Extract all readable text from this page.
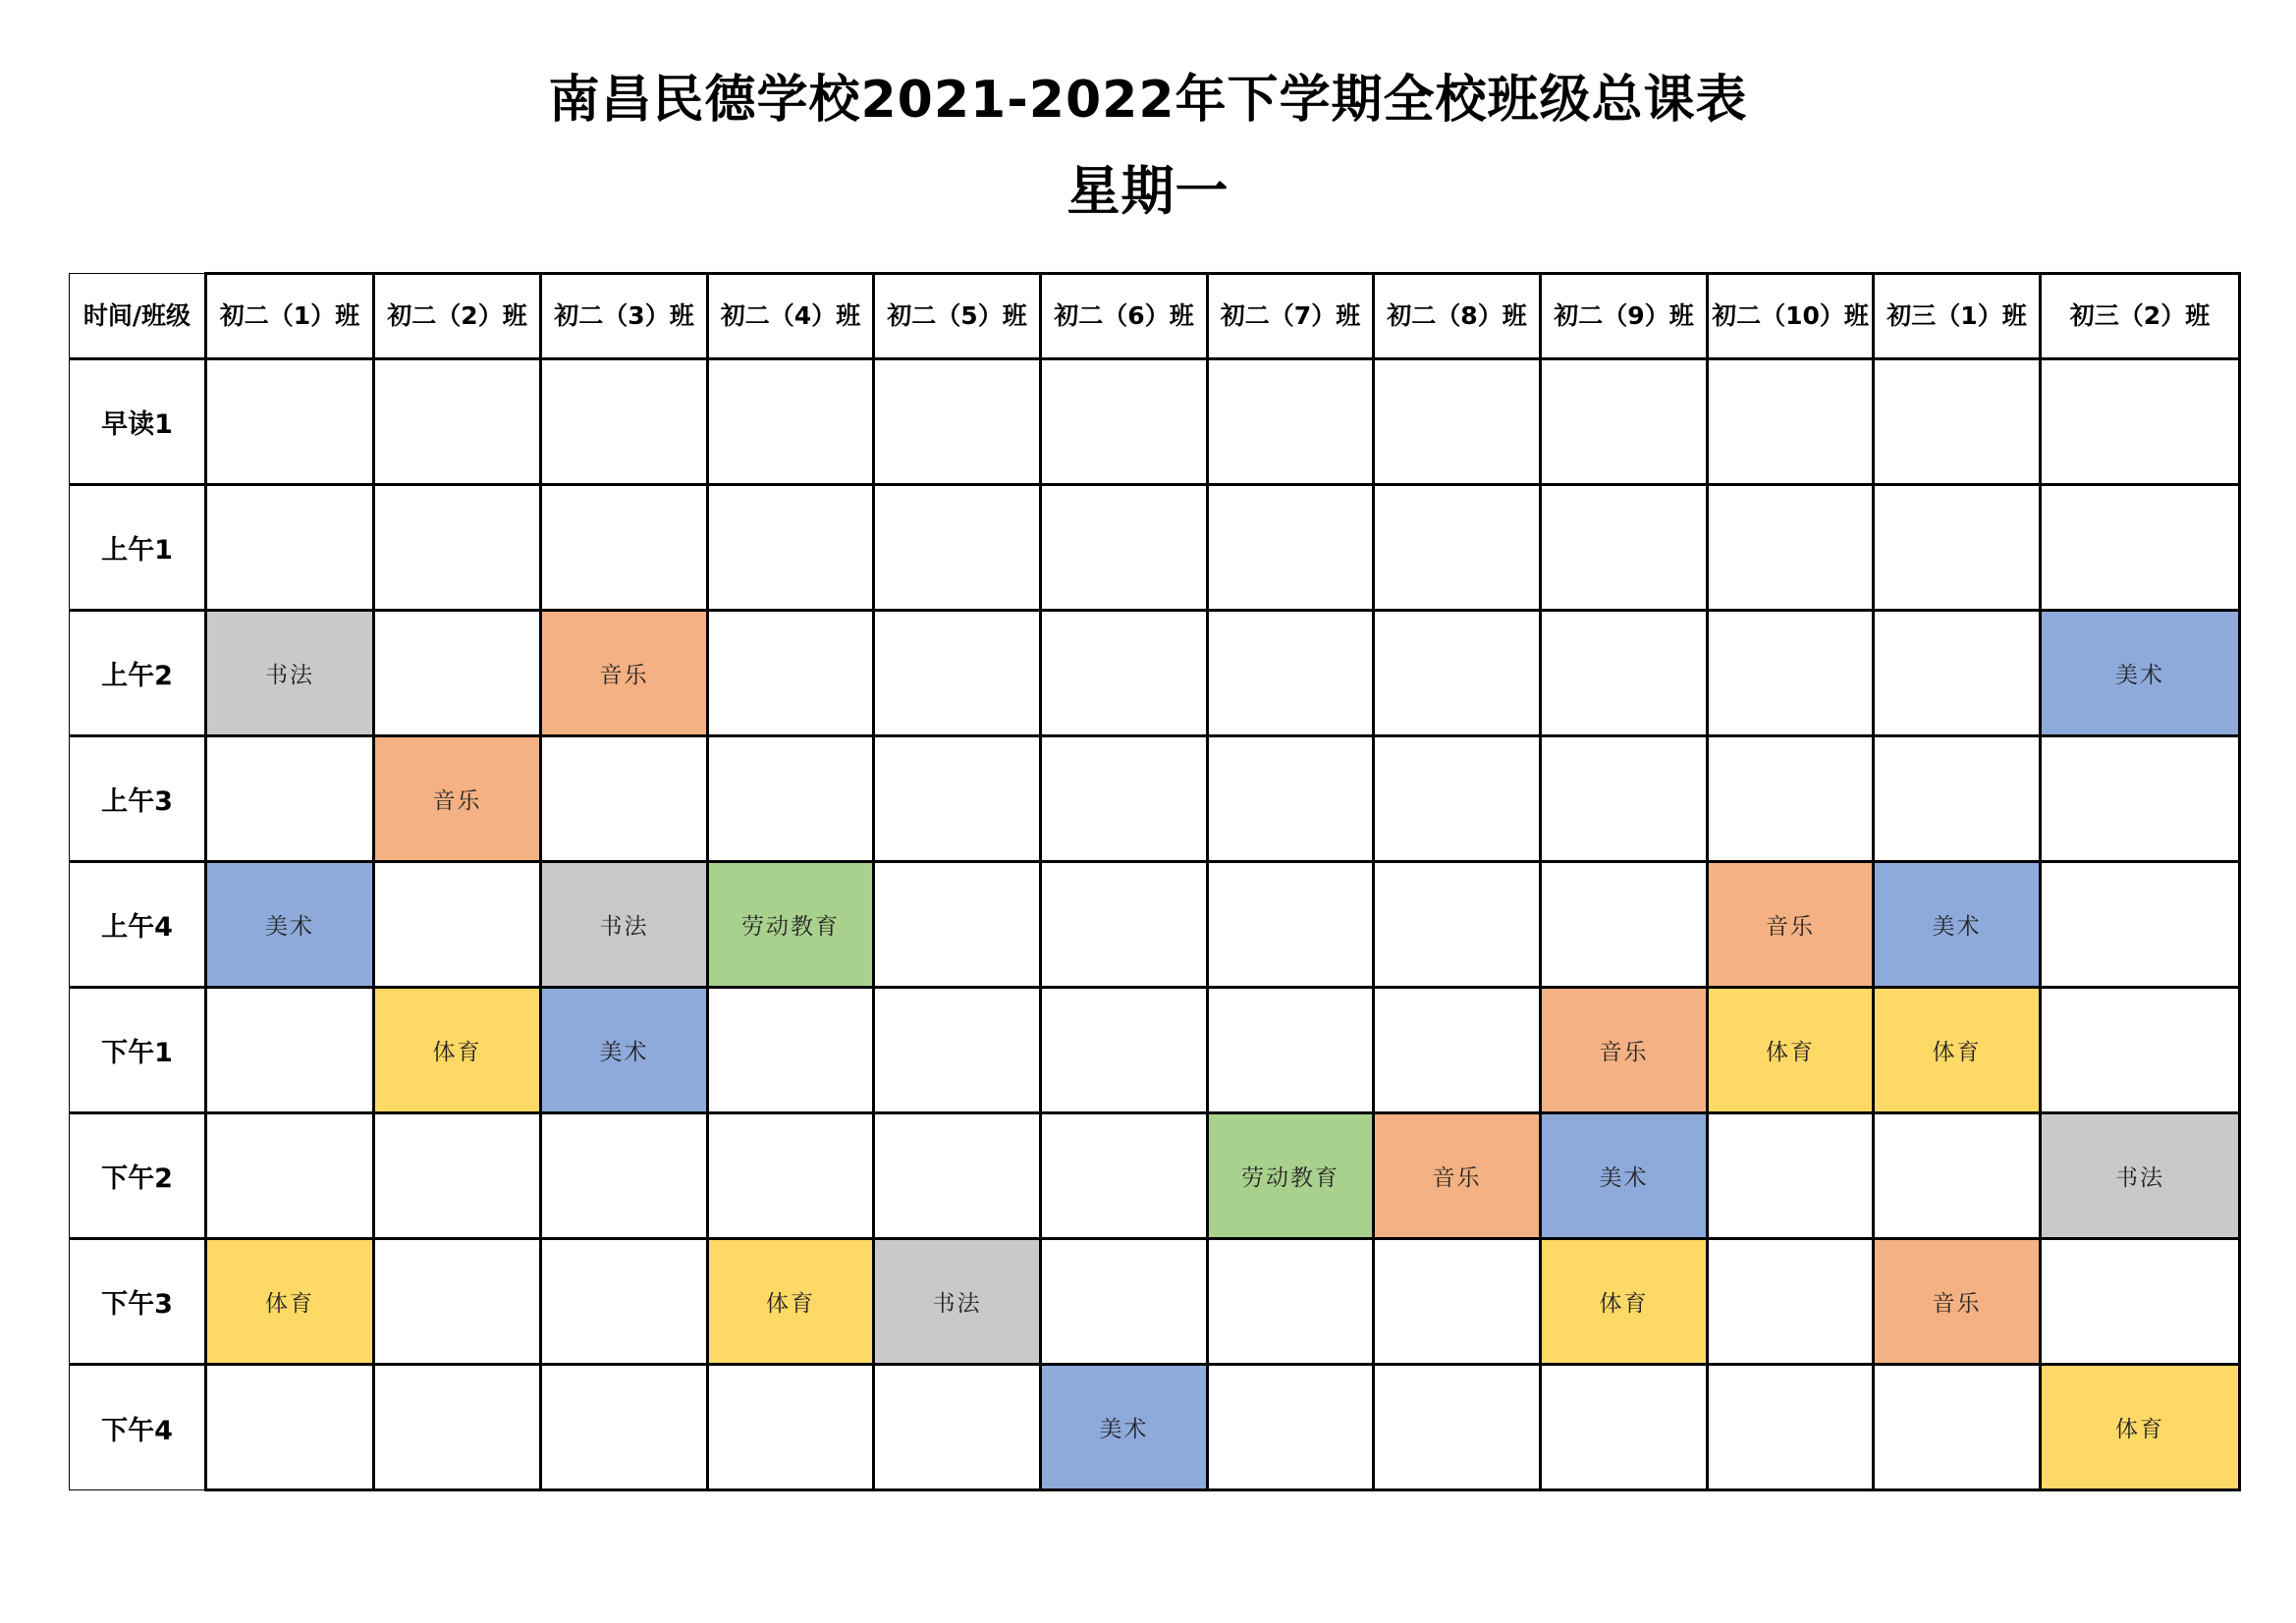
南昌民德学校2021-2022年下学期全校班级总课表
星期一
时间/班级	初二（1）班	初二（2）班	初二（3）班	初二（4）班	初二（5）班	初二（6）班	初二（7）班	初二（8）班	初二（9）班	初二（10）班	初三（1）班	初三（2）班
早读1												
上午1												
上午2	书法		音乐									美术
上午3		音乐										
上午4	美术		书法	劳动教育						音乐	美术	
下午1		体育	美术						音乐	体育	体育	
下午2							劳动教育	音乐	美术			书法
下午3	体育			体育	书法				体育		音乐	
下午4						美术						体育
